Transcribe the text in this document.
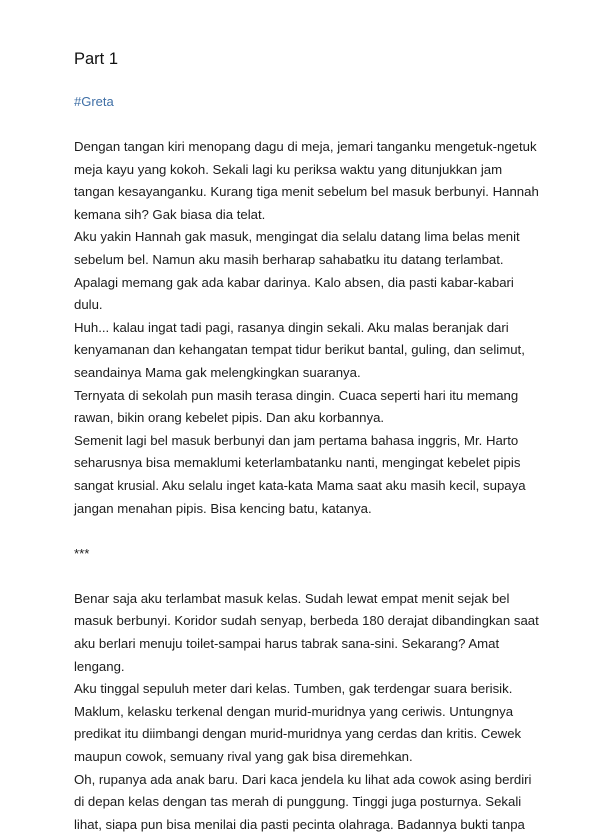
Part 1

#Greta

Dengan tangan kiri menopang dagu di meja, jemari tanganku mengetuk-ngetuk
meja kayu yang kokoh. Sekali lagi ku periksa waktu yang ditunjukkan jam
tangan kesayanganku. Kurang tiga menit sebelum bel masuk berbunyi. Hannah
kemana sih? Gak biasa dia telat.

Aku yakin Hannah gak masuk, mengingat dia selalu datang lima belas menit
sebelum bel. Namun aku masih berharap sahabatku itu datang terlambat.
Apalagi memang gak ada kabar darinya. Kalo absen, dia pasti kabar-kabari
dulu.

Huh... kalau ingat tadi pagi, rasanya dingin sekali. Aku malas beranjak dari
kenyamanan dan kehangatan tempat tidur berikut bantal, guling, dan selimut,
seandainya Mama gak melengkingkan suaranya.

Ternyata di sekolah pun masih terasa dingin. Cuaca seperti hari itu memang
rawan, bikin orang kebelet pipis. Dan aku korbannya.

Semenit lagi bel masuk berbunyi dan jam pertama bahasa inggris, Mr. Harto
seharusnya bisa memaklumi keterlambatanku nanti, mengingat kebelet pipis
sangat krusial. Aku selalu inget kata-kata Mama saat aku masih kecil, supaya
jangan menahan pipis. Bisa kencing batu, katanya.

***

Benar saja aku terlambat masuk kelas. Sudah lewat empat menit sejak bel
masuk berbunyi. Koridor sudah senyap, berbeda 180 derajat dibandingkan saat
aku berlari menuju toilet-sampai harus tabrak sana-sini. Sekarang? Amat
lengang.

Aku tinggal sepuluh meter dari kelas. Tumben, gak terdengar suara berisik.
Maklum, kelasku terkenal dengan murid-muridnya yang ceriwis. Untungnya
predikat itu diimbangi dengan murid-muridnya yang cerdas dan kritis. Cewek
maupun cowok, semuany rival yang gak bisa diremehkan.

Oh, rupanya ada anak baru. Dari kaca jendela ku lihat ada cowok asing berdiri
di depan kelas dengan tas merah di punggung. Tinggi juga posturnya. Sekali
lihat, siapa pun bisa menilai dia pasti pecinta olahraga. Badannya bukti tanpa
